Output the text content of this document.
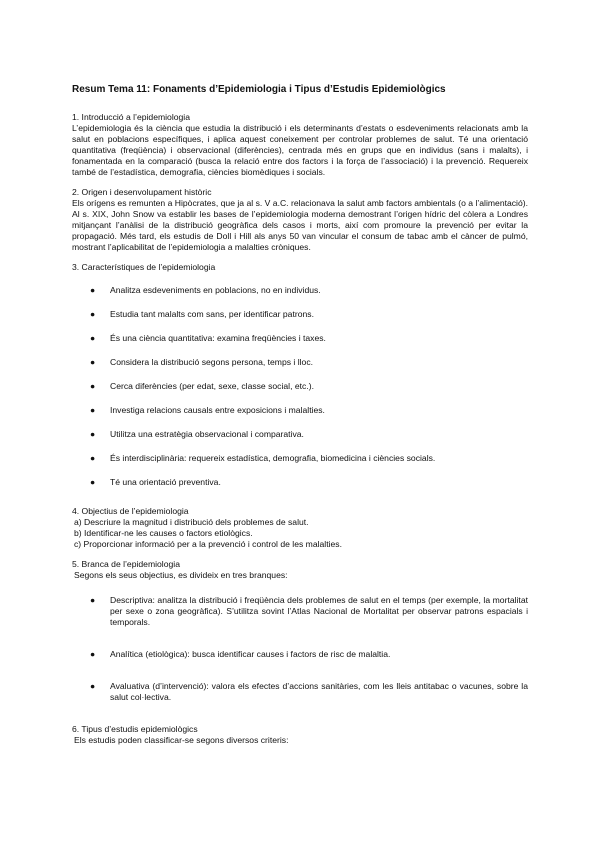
Resum Tema 11: Fonaments d’Epidemiologia i Tipus d’Estudis Epidemiològics
1. Introducció a l’epidemiologia
L’epidemiologia és la ciència que estudia la distribució i els determinants d’estats o esdeveniments relacionats amb la salut en poblacions específiques, i aplica aquest coneixement per controlar problemes de salut. Té una orientació quantitativa (freqüència) i observacional (diferències), centrada més en grups que en individus (sans i malalts), i fonamentada en la comparació (busca la relació entre dos factors i la força de l’associació) i la prevenció. Requereix també de l’estadística, demografia, ciències biomèdiques i socials.
2. Origen i desenvolupament històric
Els orígens es remunten a Hipòcrates, que ja al s. V a.C. relacionava la salut amb factors ambientals (o a l’alimentació). Al s. XIX, John Snow va establir les bases de l’epidemiologia moderna demostrant l’origen hídric del còlera a Londres mitjançant l’anàlisi de la distribució geogràfica dels casos i morts, així com promoure la prevenció per evitar la propagació. Més tard, els estudis de Doll i Hill als anys 50 van vincular el consum de tabac amb el càncer de pulmó, mostrant l’aplicabilitat de l’epidemiologia a malalties cròniques.
3. Característiques de l’epidemiologia
● Analitza esdeveniments en poblacions, no en individus.
● Estudia tant malalts com sans, per identificar patrons.
● És una ciència quantitativa: examina freqüències i taxes.
● Considera la distribució segons persona, temps i lloc.
● Cerca diferències (per edat, sexe, classe social, etc.).
● Investiga relacions causals entre exposicions i malalties.
● Utilitza una estratègia observacional i comparativa.
● És interdisciplinària: requereix estadística, demografia, biomedicina i ciències socials.
● Té una orientació preventiva.
4. Objectius de l’epidemiologia
a) Descriure la magnitud i distribució dels problemes de salut.
b) Identificar-ne les causes o factors etiològics.
c) Proporcionar informació per a la prevenció i control de les malalties.
5. Branca de l’epidemiologia
Segons els seus objectius, es divideix en tres branques:
● Descriptiva: analitza la distribució i freqüència dels problemes de salut en el temps (per exemple, la mortalitat per sexe o zona geogràfica). S’utilitza sovint l’Atlas Nacional de Mortalitat per observar patrons espacials i temporals.
● Analítica (etiològica): busca identificar causes i factors de risc de malaltia.
● Avaluativa (d’intervenció): valora els efectes d’accions sanitàries, com les lleis antitabac o vacunes, sobre la salut col·lectiva.
6. Tipus d’estudis epidemiològics
Els estudis poden classificar-se segons diversos criteris:
